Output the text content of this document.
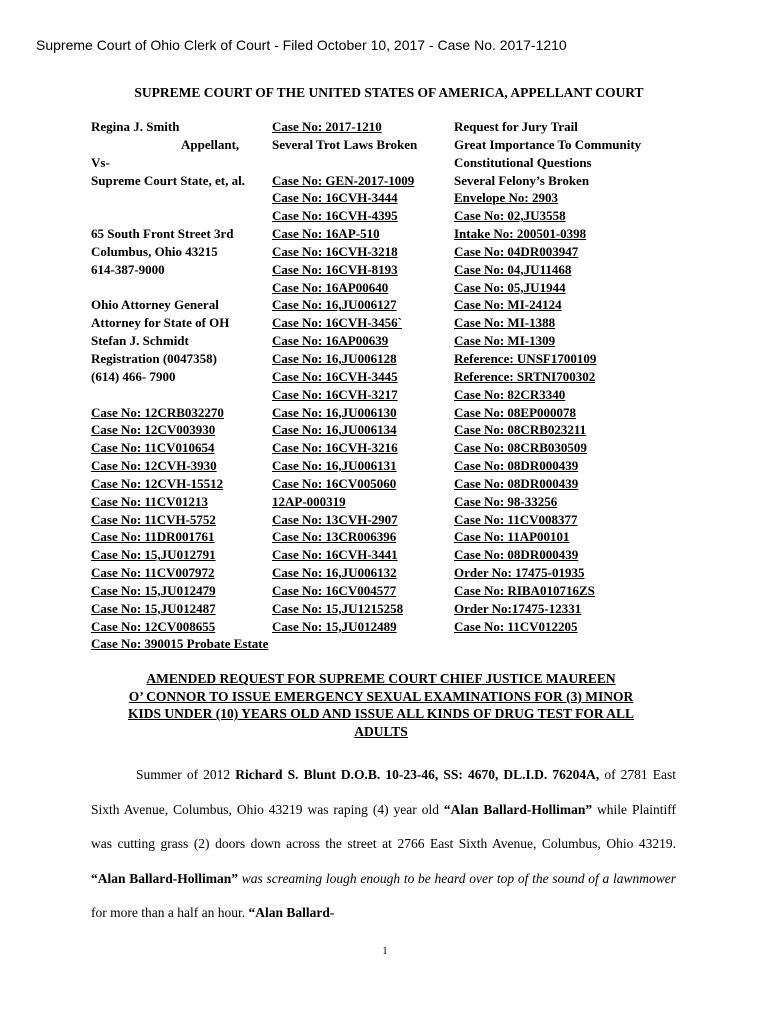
Supreme Court of Ohio Clerk of Court - Filed October 10, 2017 - Case No. 2017-1210
SUPREME COURT OF THE UNITED STATES OF AMERICA, APPELLANT COURT
Regina J. Smith
Appellant,
Vs-
Supreme Court State, et, al.
65 South Front Street 3rd
Columbus, Ohio 43215
614-387-9000
Ohio Attorney General
Attorney for State of OH
Stefan J. Schmidt
Registration (0047358)
(614) 466- 7900
Case No: 12CRB032270
Case No: 12CV003930
Case No: 11CV010654
Case No: 12CVH-3930
Case No: 12CVH-15512
Case No: 11CV01213
Case No: 11CVH-5752
Case No: 11DR001761
Case No: 15,JU012791
Case No: 11CV007972
Case No: 15,JU012479
Case No: 15,JU012487
Case No: 12CV008655
Case No: 390015 Probate Estate
Case No: 2017-1210
Several Trot Laws Broken
Case No: GEN-2017-1009
Case No: 16CVH-3444
Case No: 16CVH-4395
Case No: 16AP-510
Case No: 16CVH-3218
Case No: 16CVH-8193
Case No: 16AP00640
Case No: 16,JU006127
Case No: 16CVH-3456`
Case No: 16AP00639
Case No: 16,JU006128
Case No: 16CVH-3445
Case No: 16CVH-3217
Case No: 16,JU006130
Case No: 16,JU006134
Case No: 16CVH-3216
Case No: 16,JU006131
Case No: 16CV005060
12AP-000319
Case No: 13CVH-2907
Case No: 13CR006396
Case No: 16CVH-3441
Case No: 16,JU006132
Case No: 16CV004577
Case No: 15,JU1215258
Case No: 15,JU012489
Request for Jury Trail
Great Importance To Community
Constitutional Questions
Several Felony’s Broken
Envelope No: 2903
Case No: 02,JU3558
Intake No: 200501-0398
Case No: 04DR003947
Case No: 04,JU11468
Case No: 05,JU1944
Case No: MI-24124
Case No: MI-1388
Case No: MI-1309
Reference: UNSF1700109
Reference: SRTNI700302
Case No: 82CR3340
Case No: 08EP000078
Case No: 08CRB023211
Case No: 08CRB030509
Case No: 08DR000439
Case No: 08DR000439
Case No: 98-33256
Case No: 11CV008377
Case No: 11AP00101
Case No: 08DR000439
Order No: 17475-01935
Case No: RIBA010716ZS
Order No:17475-12331
Case No: 11CV012205
AMENDED REQUEST FOR SUPREME COURT CHIEF JUSTICE MAUREEN
O’ CONNOR TO ISSUE EMERGENCY SEXUAL EXAMINATIONS FOR (3) MINOR
KIDS UNDER (10) YEARS OLD AND ISSUE ALL KINDS OF DRUG TEST FOR ALL
ADULTS

Summer of 2012 Richard S. Blunt D.O.B. 10-23-46, SS: 4670, DL.I.D. 76204A, of 2781 East Sixth Avenue, Columbus, Ohio 43219 was raping (4) year old “Alan Ballard-Holliman” while Plaintiff was cutting grass (2) doors down across the street at 2766 East Sixth Avenue, Columbus, Ohio 43219. “Alan Ballard-Holliman” was screaming lough enough to be heard over top of the sound of a lawnmower for more than a half an hour. “Alan Ballard-

1
